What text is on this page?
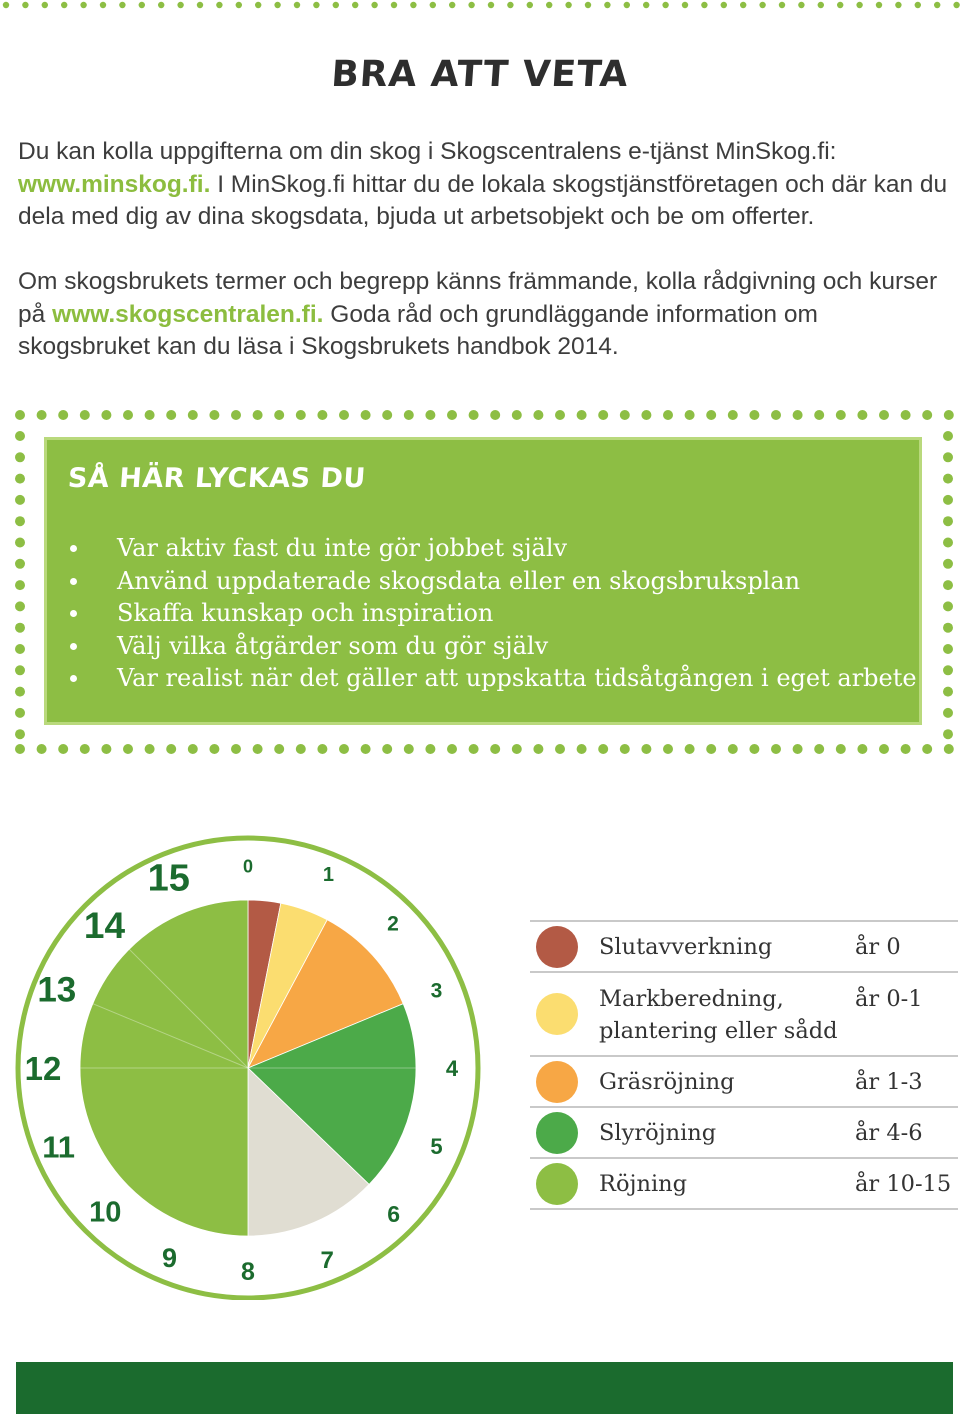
BRA ATT VETA

Du kan kolla uppgifterna om din skog i Skogscentralens e-tjänst MinSkog.fi:
www.minskog.fi. I MinSkog.fi hittar du de lokala skogstjänstföretagen och där kan du dela med dig av dina skogsdata, bjuda ut arbetsobjekt och be om offerter.

Om skogsbrukets termer och begrepp känns främmande, kolla rådgivning och kurser på www.skogscentralen.fi. Goda råd och grundläggande information om skogsbruket kan du läsa i Skogsbrukets handbok 2014.

SÅ HÄR LYCKAS DU
Var aktiv fast du inte gör jobbet själv
Använd uppdaterade skogsdata eller en skogsbruksplan
Skaffa kunskap och inspiration
Välj vilka åtgärder som du gör själv
Var realist när det gäller att uppskatta tidsåtgången i eget arbete
0	1
2
3
4
5
6
7
8
9
10
11
12
13
14
15
Slutavverkning	år 0
Markberedning,
plantering eller sådd
år 0-1
Gräsröjning	år 1-3
Slyröjning	år 4-6
Röjning	år 10-15
